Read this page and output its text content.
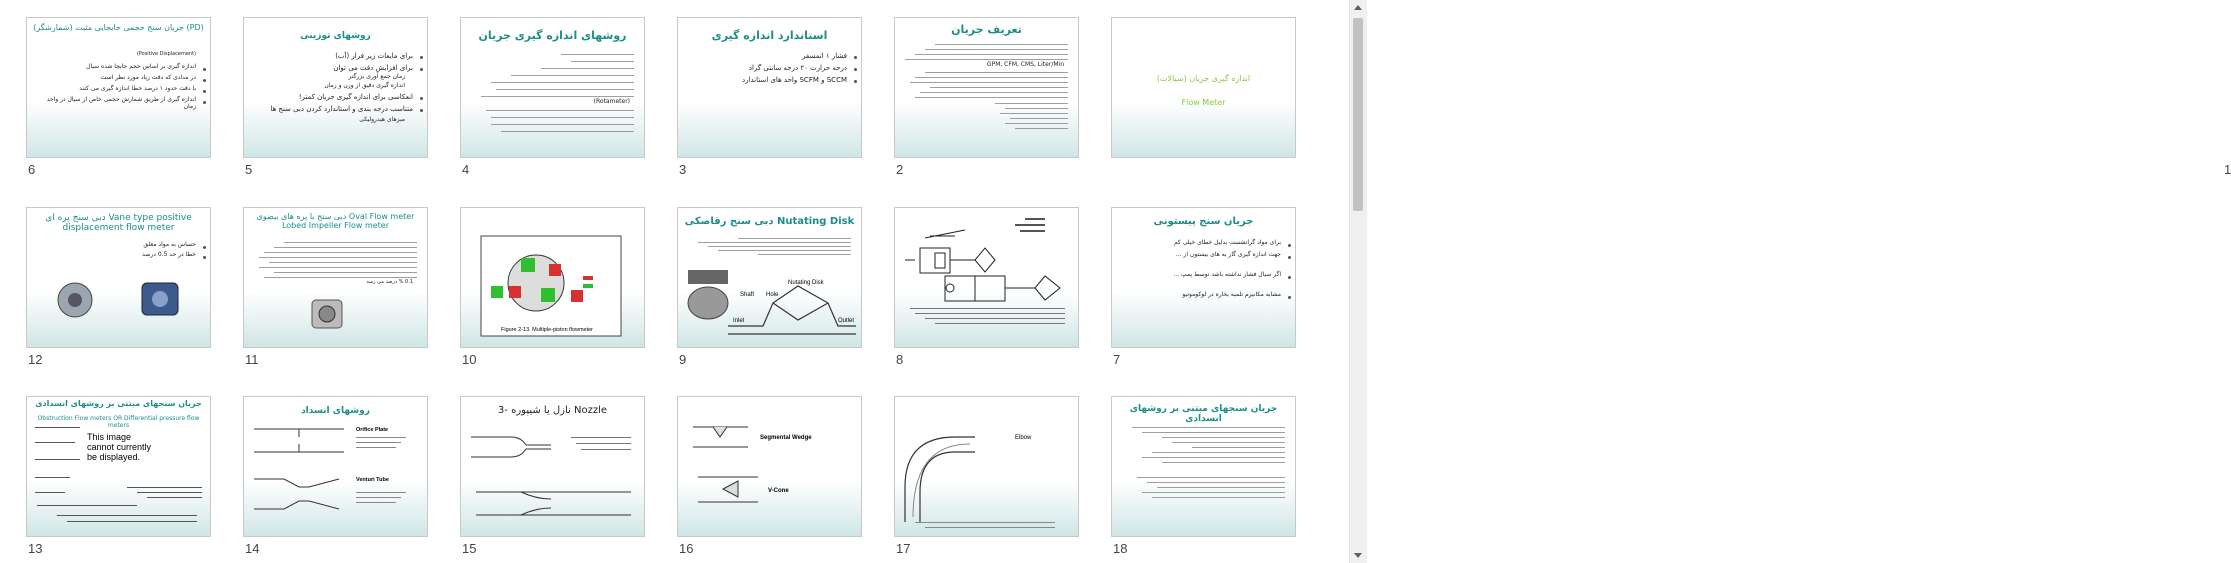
اندازه گیری جریان (سیالات)
Flow Meter
1
تعریف جریان
GPM, CFM, CMS, Liter/Min
2
استاندارد اندازه گیری
فشار ۱ اتمسفر
درجه حرارت ۲۰ درجه سانتی گراد
SCCM و SCFM واحد های استاندارد
3
روشهای اندازه گیری جریان
(Rotameter)
4
روشهای توزینی
برای مایعات زیر فرار (آب)
برای افزایش دقت می توان
زمان جمع آوری بزرگتر
اندازه گیری دقیق از وزن و زمان
انعکاسی برای اندازه گیری جریان کمتر!
متناسب درجه بندی و استاندارد کردن دبی سنج ها
مبزهای هیدرولیکی
5
جریان سنج حجمی جابجایی مثبت (شمارشگر) (PD)
(Positive Displacement)
اندازه گیری بر اساس حجم جابجا شده سیال
در مدادی که دقت زیاد مورد نظر است
با دقت حدود ۱ درصد خطا اندازه گیری می کنند
اندازه گیری از طریق شمارش حجمی خاص از سیال در واحد زمان
6
جریان سنج پیستونی
برای مواد گرانشست بدلیل خطای خیلی کم
جهت اندازه گیری گاز به های بیستون از ...
اگر سیال فشار نداشته باشد توسط پمپ ...
مشابه مکانیزم تلمبه بخاره در لوکوموتیو
7
8
دبی سنج رقاصکی Nutating Disk
Shaft Hole
Nutating Disk
Inlet	Outlet
9
Figure 2-13. Multiple-piston flowmeter
10
دبی سنج با پره های بیضوی Oval Flow meter Lobed Impeller Flow meter
0.1 % درصد می رسد
11
دبی سنج پره ای Vane type positive displacement flow meter
حساس به مواد معلق
خطا در حد 0.5 درصد
12
جریان سنجهای مبتنی بر روشهای انسدادی
18
Elbow
17
Segmental Wedge
V-Cone
16
3- نازل یا شیپوره Nozzle
15
روشهای انسداد
Orifice Plate
Venturi Tube
14
جریان سنجهای مبتنی بر روشهای انسدادی
Obstruction Flow meters OR Differential pressure flow meters
This image cannot currently be displayed.
13
